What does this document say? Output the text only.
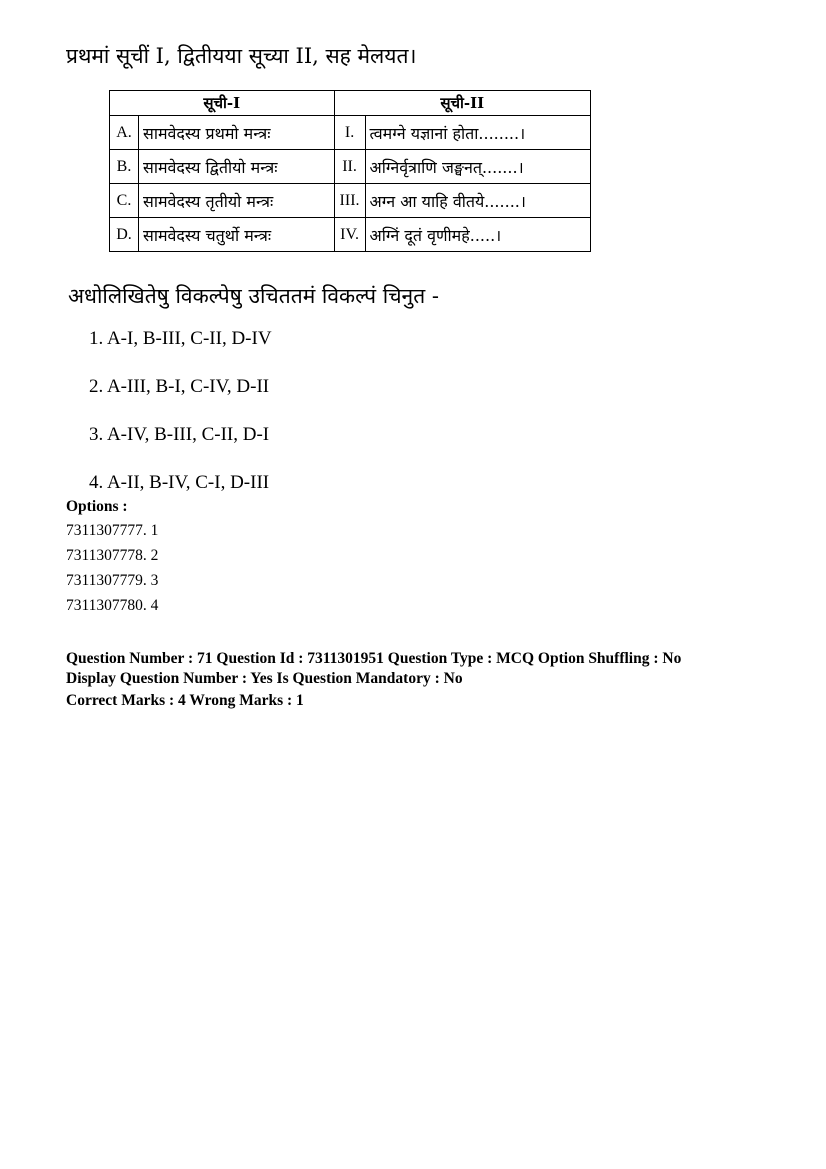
प्रथमां सूचीं I, द्वितीयया सूच्या II, सह मेलयत।
सूची-I		सूची-II	
A.	सामवेदस्य प्रथमो मन्त्रः	I.	त्वमग्ने यज्ञानां होता........।
B.	सामवेदस्य द्वितीयो मन्त्रः	II.	अग्निर्वृत्राणि जङ्घनत्.......।
C.	सामवेदस्य तृतीयो मन्त्रः	III.	अग्न आ याहि वीतये.......।
D.	सामवेदस्य चतुर्थो मन्त्रः	IV.	अग्निं दूतं वृणीमहे.....।
अधोलिखितेषु विकल्पेषु उचिततमं विकल्पं चिनुत -
1. A-I, B-III, C-II, D-IV
2. A-III, B-I, C-IV, D-II
3. A-IV, B-III, C-II, D-I
4. A-II, B-IV, C-I, D-III
Options :
7311307777. 1
7311307778. 2
7311307779. 3
7311307780. 4
Question Number : 71 Question Id : 7311301951 Question Type : MCQ Option Shuffling : No
Display Question Number : Yes Is Question Mandatory : No
Correct Marks : 4 Wrong Marks : 1
